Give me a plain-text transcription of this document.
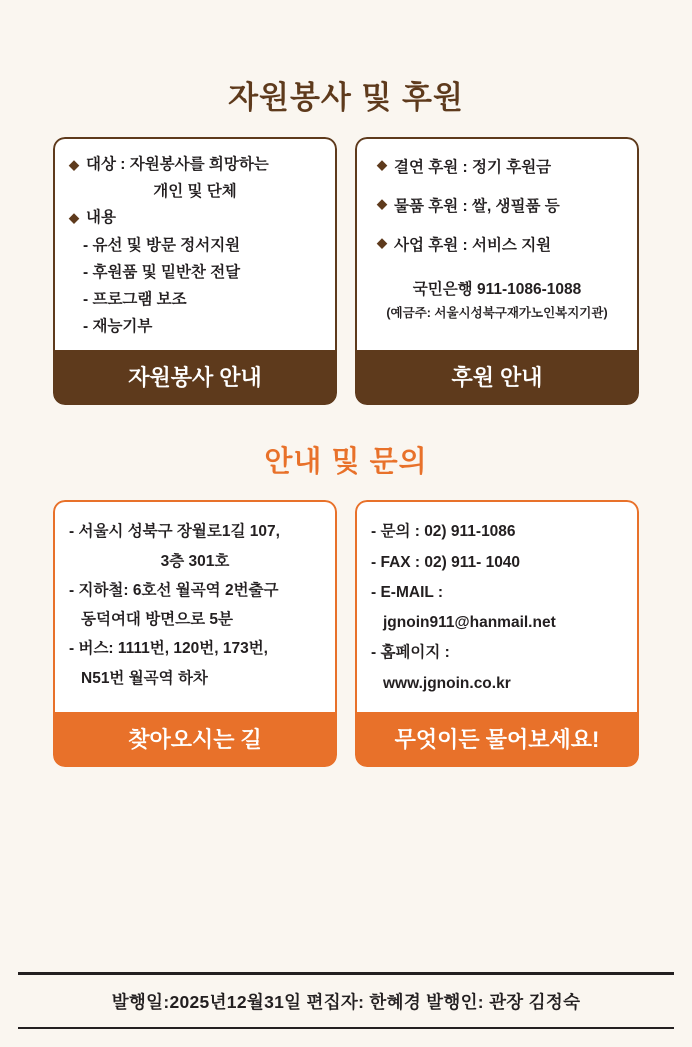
자원봉사 및 후원
◆ 대상 : 자원봉사를 희망하는
개인 및 단체
◆ 내용
- 유선 및 방문 정서지원
- 후원품 및 밑반찬 전달
- 프로그램 보조
- 재능기부
자원봉사 안내
◆ 결연 후원 : 정기 후원금
◆ 물품 후원 : 쌀, 생필품 등
◆ 사업 후원 : 서비스 지원
국민은행 911-1086-1088
(예금주: 서울시성북구재가노인복지기관)
후원 안내
안내 및 문의
- 서울시 성북구 장월로1길 107,
3층 301호
- 지하철: 6호선 월곡역 2번출구
동덕여대 방면으로 5분
- 버스: 1111번, 120번, 173번,
N51번 월곡역 하차
찾아오시는 길
- 문의 : 02) 911-1086
- FAX : 02) 911- 1040
- E-MAIL :
jgnoin911@hanmail.net
- 홈페이지 :
www.jgnoin.co.kr
무엇이든 물어보세요!
발행일:2025년12월31일 편집자: 한혜경 발행인: 관장 김정숙
